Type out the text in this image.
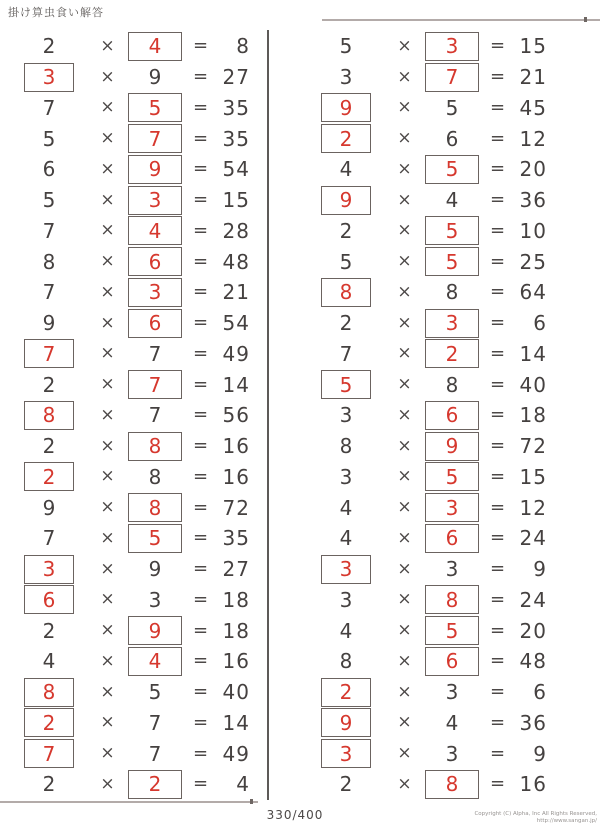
掛け算虫食い解答
2	×	4	=	8
3	×	9	= 27
7	×	5	= 35
5	×	7	= 35
6	×	9	= 54
5	×	3	= 15
7	×	4	= 28
8	×	6	= 48
7	×	3	= 21
9	×	6	= 54
7	×	7	= 49
2	×	7	= 14
8	×	7	= 56
2	×	8	= 16
2	×	8	= 16
9	×	8	= 72
7	×	5	= 35
3	×	9	= 27
6	×	3	= 18
2	×	9	= 18
4	×	4	= 16
8	×	5	= 40
2	×	7	= 14
7	×	7	= 49
2	×	2	=	4
5	×	3	= 15
3	×	7	= 21
9	×	5	= 45
2	×	6	= 12
4	×	5	= 20
9	×	4	= 36
2	×	5	= 10
5	×	5	= 25
8	×	8	= 64
2	×	3	=	6
7	×	2	= 14
5	×	8	= 40
3	×	6	= 18
8	×	9	= 72
3	×	5	= 15
4	×	3	= 12
4	×	6	= 24
3	×	3	=	9
3	×	8	= 24
4	×	5	= 20
8	×	6	= 48
2	×	3	=	6
9	×	4	= 36
3	×	3	=	9
2	×	8	= 16
330/400	Copyright (C) Alpha, Inc All Rights Reserved,
http://www.sangan.jp/
